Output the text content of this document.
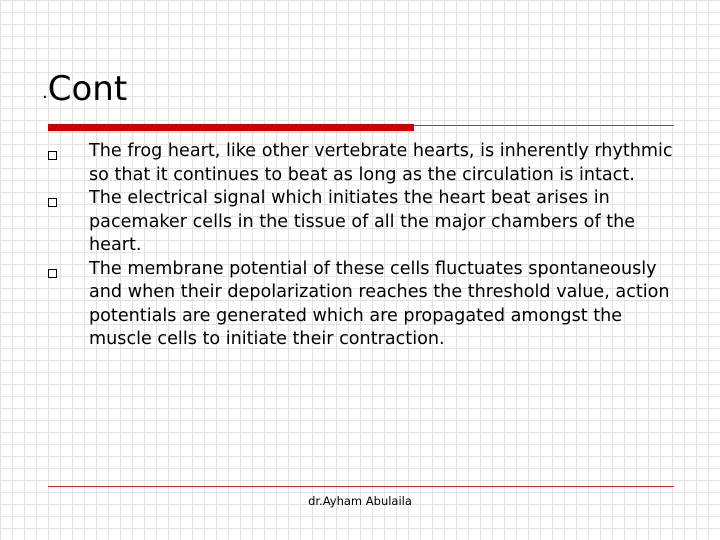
.Cont
The frog heart, like other vertebrate hearts, is inherently rhythmic so that it continues to beat as long as the circulation is intact.
The electrical signal which initiates the heart beat arises in pacemaker cells in the tissue of all the major chambers of the heart.
The membrane potential of these cells fluctuates spontaneously and when their depolarization reaches the threshold value, action potentials are generated which are propagated amongst the muscle cells to initiate their contraction.
dr.Ayham Abulaila
